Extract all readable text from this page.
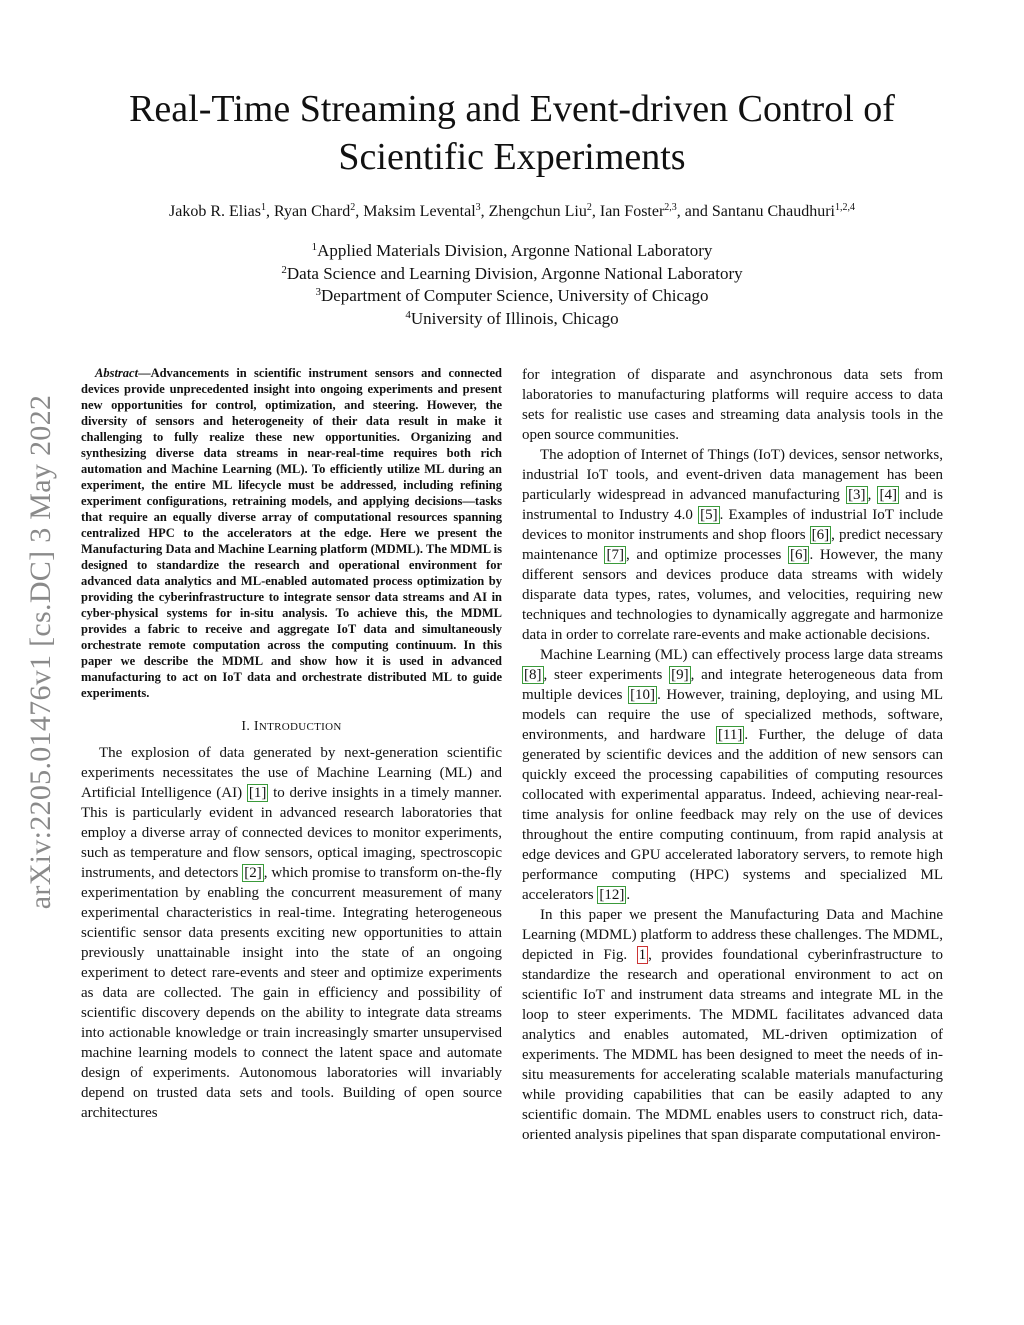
arXiv:2205.01476v1 [cs.DC] 3 May 2022
Real-Time Streaming and Event-driven Control of Scientific Experiments
Jakob R. Elias$^1$, Ryan Chard$^2$, Maksim Levental$^3$, Zhengchun Liu$^2$, Ian Foster$^{2,3}$, and Santanu Chaudhuri$^{1,2,4}$
$^1$Applied Materials Division, Argonne National Laboratory
$^2$Data Science and Learning Division, Argonne National Laboratory
$^3$Department of Computer Science, University of Chicago
$^4$University of Illinois, Chicago

Abstract—Advancements in scientific instrument sensors and connected devices provide unprecedented insight into ongoing experiments and present new opportunities for control, optimization, and steering. However, the diversity of sensors and heterogeneity of their data result in make it challenging to fully realize these new opportunities. Organizing and synthesizing diverse data streams in near-real-time requires both rich automation and Machine Learning (ML). To efficiently utilize ML during an experiment, the entire ML lifecycle must be addressed, including refining experiment configurations, retraining models, and applying decisions—tasks that require an equally diverse array of computational resources spanning centralized HPC to the accelerators at the edge. Here we present the Manufacturing Data and Machine Learning platform (MDML). The MDML is designed to standardize the research and operational environment for advanced data analytics and ML-enabled automated process optimization by providing the cyberinfrastructure to integrate sensor data streams and AI in cyber-physical systems for in-situ analysis. To achieve this, the MDML provides a fabric to receive and aggregate IoT data and simultaneously orchestrate remote computation across the computing continuum. In this paper we describe the MDML and show how it is used in advanced manufacturing to act on IoT data and orchestrate distributed ML to guide experiments.

I. INTRODUCTION

The explosion of data generated by next-generation scientific experiments necessitates the use of Machine Learning (ML) and Artificial Intelligence (AI) [1] to derive insights in a timely manner. This is particularly evident in advanced research laboratories that employ a diverse array of connected devices to monitor experiments, such as temperature and flow sensors, optical imaging, spectroscopic instruments, and detectors [2] , which promise to transform on-the-fly experimentation by enabling the concurrent measurement of many experimental characteristics in real-time. Integrating heterogeneous scientific sensor data presents exciting new opportunities to attain previously unattainable insight into the state of an ongoing experiment to detect rare-events and steer and optimize experiments as data are collected. The gain in efficiency and possibility of scientific discovery depends on the ability to integrate data streams into actionable knowledge or train increasingly smarter unsupervised machine learning models to connect the latent space and automate design of experiments. Autonomous laboratories will invariably depend on trusted data sets and tools. Building of open source architectures

for integration of disparate and asynchronous data sets from laboratories to manufacturing platforms will require access to data sets for realistic use cases and streaming data analysis tools in the open source communities.

The adoption of Internet of Things (IoT) devices, sensor networks, industrial IoT tools, and event-driven data management has been particularly widespread in advanced manufacturing [3] , [4] and is instrumental to Industry 4.0 [5] . Examples of industrial IoT include devices to monitor instruments and shop floors [6] , predict necessary maintenance [7] , and optimize processes [6] . However, the many different sensors and devices produce data streams with widely disparate data types, rates, volumes, and velocities, requiring new techniques and technologies to dynamically aggregate and harmonize data in order to correlate rare-events and make actionable decisions.

Machine Learning (ML) can effectively process large data streams [8] , steer experiments [9] , and integrate heterogeneous data from multiple devices [10] . However, training, deploying, and using ML models can require the use of specialized methods, software, environments, and hardware [11] . Further, the deluge of data generated by scientific devices and the addition of new sensors can quickly exceed the processing capabilities of computing resources collocated with experimental apparatus. Indeed, achieving near-real-time analysis for online feedback may rely on the use of devices throughout the entire computing continuum, from rapid analysis at edge devices and GPU accelerated laboratory servers, to remote high performance computing (HPC) systems and specialized ML accelerators [12] .

In this paper we present the Manufacturing Data and Machine Learning (MDML) platform to address these challenges. The MDML, depicted in Fig. 1 , provides foundational cyberinfrastructure to standardize the research and operational environment to act on scientific IoT and instrument data streams and integrate ML in the loop to steer experiments. The MDML facilitates advanced data analytics and enables automated, ML-driven optimization of experiments. The MDML has been designed to meet the needs of in-situ measurements for accelerating scalable materials manufacturing while providing capabilities that can be easily adapted to any scientific domain. The MDML enables users to construct rich, data-oriented analysis pipelines that span disparate computational environ-
